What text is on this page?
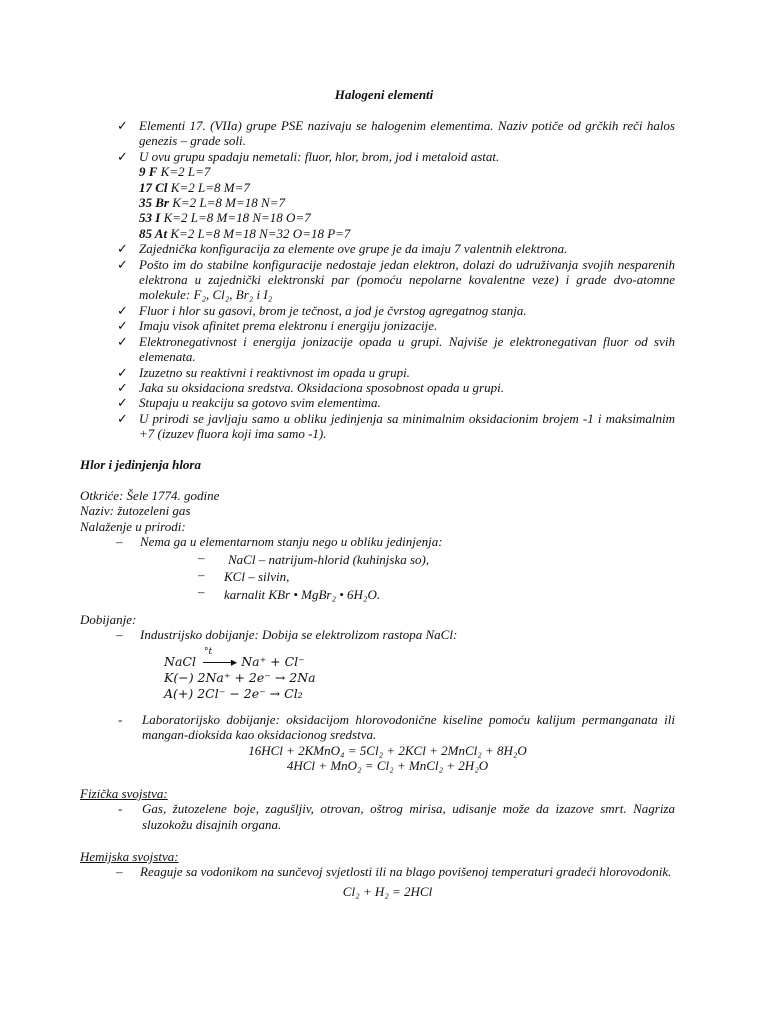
Halogeni elementi
✓ Elementi 17. (VIIa) grupe PSE nazivaju se halogenim elementima. Naziv potiče od grčkih reči halos genezis – grade soli.
✓ U ovu grupu spadaju nemetali: fluor, hlor, brom, jod i metaloid astat.
9 F K=2 L=7
17 Cl K=2 L=8 M=7
35 Br K=2 L=8 M=18 N=7
53 I K=2 L=8 M=18 N=18 O=7
85 At K=2 L=8 M=18 N=32 O=18 P=7
✓ Zajednička konfiguracija za elemente ove grupe je da imaju 7 valentnih elektrona.
✓ Pošto im do stabilne konfiguracije nedostaje jedan elektron, dolazi do udruživanja svojih nesparenih elektrona u zajednički elektronski par (pomoću nepolarne kovalentne veze) i grade dvo-atomne molekule: F₂, Cl₂, Br₂ i I₂
✓ Fluor i hlor su gasovi, brom je tečnost, a jod je čvrstog agregatnog stanja.
✓ Imaju visok afinitet prema elektronu i energiju jonizacije.
✓ Elektronegativnost i energija jonizacije opada u grupi. Najviše je elektronegativan fluor od svih elemenata.
✓ Izuzetno su reaktivni i reaktivnost im opada u grupi.
✓ Jaka su oksidaciona sredstva. Oksidaciona sposobnost opada u grupi.
✓ Stupaju u reakciju sa gotovo svim elementima.
✓ U prirodi se javljaju samo u obliku jedinjenja sa minimalnim oksidacionim brojem -1 i maksimalnim +7 (izuzev fluora koji ima samo -1).
Hlor i jedinjenja hlora
Otkriće: Šele 1774. godine
Naziv: žutozeleni gas
Nalaženje u prirodi:
– Nema ga u elementarnom stanju nego u obliku jedinjenja:
– NaCl – natrijum-hlorid (kuhinjska so),
– KCl – silvin,
– karnalit KBr • MgBr₂ • 6H₂O.
Dobijanje:
– Industrijsko dobijanje: Dobija se elektrolizom rastopa NaCl:
°t
NaCl	▸ Na⁺ + Cl⁻
K(−) 2Na⁺ + 2e⁻ → 2Na
A(+) 2Cl⁻ − 2e⁻ → Cl₂
- Laboratorijsko dobijanje: oksidacijom hlorovodonične kiseline pomoću kalijum permanganata ili mangan-dioksida kao oksidacionog sredstva.
16HCl + 2KMnO₄ = 5Cl₂ + 2KCl + 2MnCl₂ + 8H₂O
4HCl + MnO₂ = Cl₂ + MnCl₂ + 2H₂O
Fizička svojstva:
- Gas, žutozelene boje, zagušljiv, otrovan, oštrog mirisa, udisanje može da izazove smrt. Nagriza sluzokožu disajnih organa.
Hemijska svojstva:
– Reaguje sa vodonikom na sunčevoj svjetlosti ili na blago povišenoj temperaturi gradeći hlorovodonik.
Cl₂ + H₂ = 2HCl
